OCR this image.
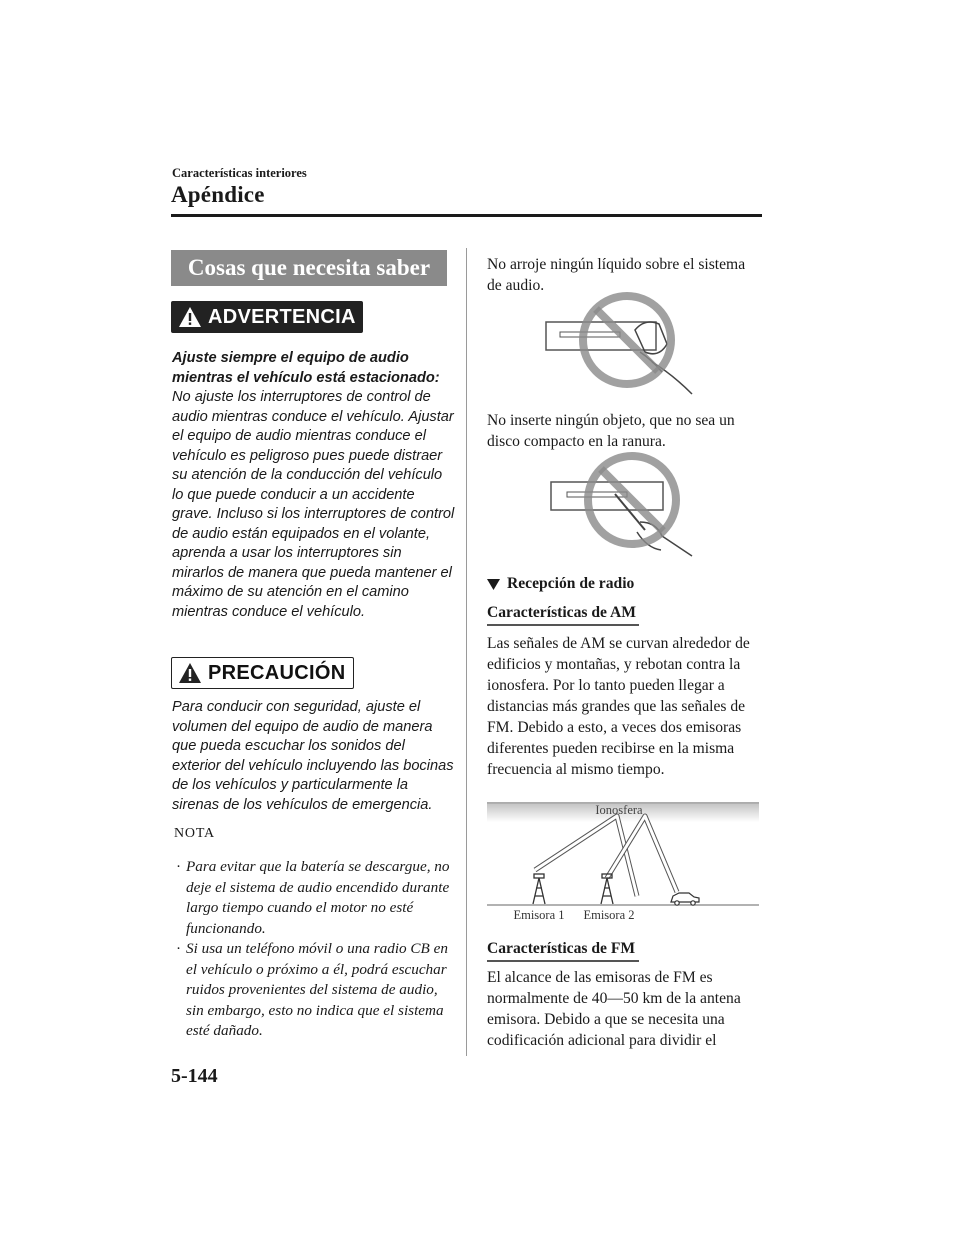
Características interiores
Apéndice
Cosas que necesita saber
ADVERTENCIA
Ajuste siempre el equipo de audio mientras el vehículo está estacionado:
No ajuste los interruptores de control de audio mientras conduce el vehículo. Ajustar el equipo de audio mientras conduce el vehículo es peligroso pues puede distraer su atención de la conducción del vehículo lo que puede conducir a un accidente grave. Incluso si los interruptores de control de audio están equipados en el volante, aprenda a usar los interruptores sin mirarlos de manera que pueda mantener el máximo de su atención en el camino mientras conduce el vehículo.
PRECAUCIÓN
Para conducir con seguridad, ajuste el volumen del equipo de audio de manera que pueda escuchar los sonidos del exterior del vehículo incluyendo las bocinas de los vehículos y particularmente la sirenas de los vehículos de emergencia.
NOTA
· Para evitar que la batería se descargue, no deje el sistema de audio encendido durante largo tiempo cuando el motor no esté funcionando.
· Si usa un teléfono móvil o una radio CB en el vehículo o próximo a él, podrá escuchar ruidos provenientes del sistema de audio, sin embargo, esto no indica que el sistema esté dañado.
No arroje ningún líquido sobre el sistema de audio.
No inserte ningún objeto, que no sea un disco compacto en la ranura.
Recepción de radio
Características de AM
Las señales de AM se curvan alrededor de edificios y montañas, y rebotan contra la ionosfera. Por lo tanto pueden llegar a distancias más grandes que las señales de FM. Debido a esto, a veces dos emisoras diferentes pueden recibirse en la misma frecuencia al mismo tiempo.
Ionosfera
Emisora 1 Emisora 2
Características de FM
El alcance de las emisoras de FM es normalmente de 40―50 km de la antena emisora. Debido a que se necesita una codificación adicional para dividir el
5-144
